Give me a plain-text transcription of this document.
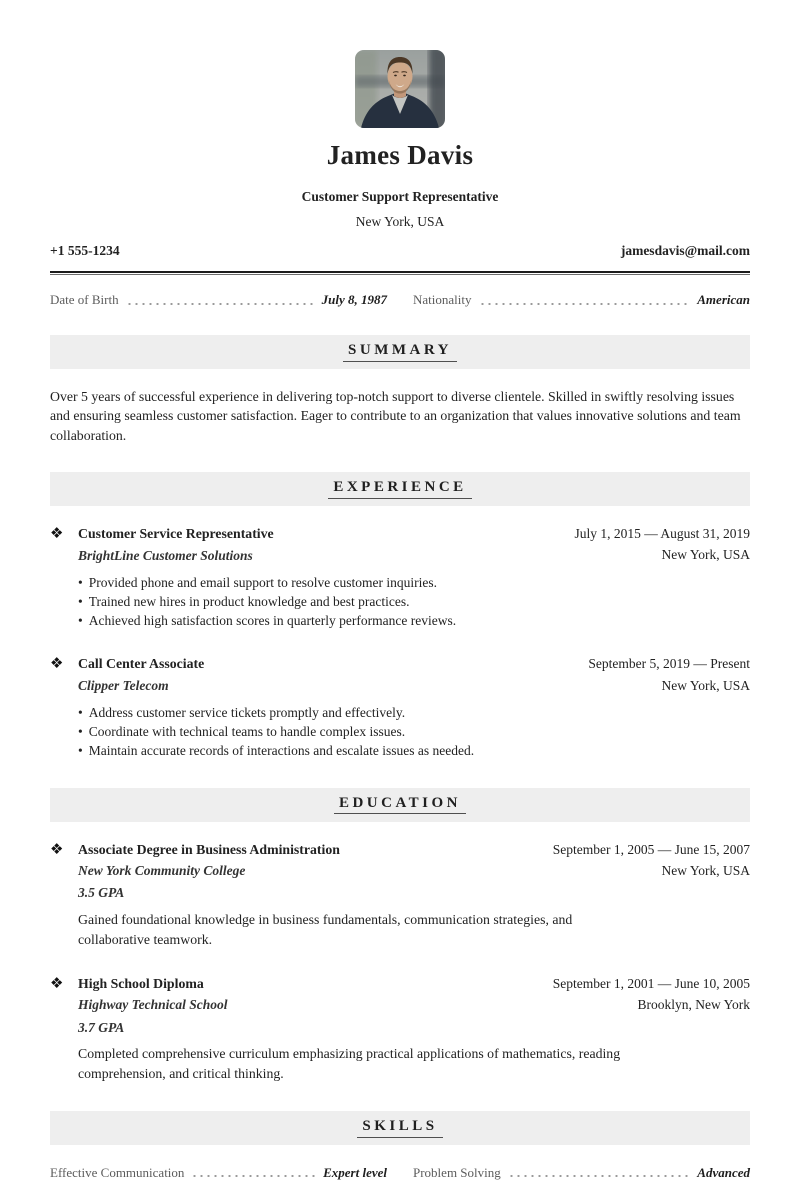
James Davis
Customer Support Representative
New York, USA
+1 555-1234	jamesdavis@mail.com
Date of Birth	July 8, 1987 Nationality	American
SUMMARY

Over 5 years of successful experience in delivering top-notch support to diverse clientele. Skilled in swiftly resolving issues and ensuring seamless customer satisfaction. Eager to contribute to an organization that values innovative solutions and team collaboration.

EXPERIENCE
❖	Customer Service Representative
BrightLine Customer Solutions
July 1, 2015 — August 31, 2019
New York, USA
• Provided phone and email support to resolve customer inquiries.
• Trained new hires in product knowledge and best practices.
• Achieved high satisfaction scores in quarterly performance reviews.
❖	Call Center Associate
Clipper Telecom
September 5, 2019 — Present
New York, USA
• Address customer service tickets promptly and effectively.
• Coordinate with technical teams to handle complex issues.
• Maintain accurate records of interactions and escalate issues as needed.
EDUCATION
❖	Associate Degree in Business Administration
New York Community College
3.5 GPA
September 1, 2005 — June 15, 2007
New York, USA

Gained foundational knowledge in business fundamentals, communication strategies, and collaborative teamwork.

❖	High School Diploma
Highway Technical School
3.7 GPA
September 1, 2001 — June 10, 2005
Brooklyn, New York

Completed comprehensive curriculum emphasizing practical applications of mathematics, reading comprehension, and critical thinking.

SKILLS
Effective Communication	Expert level Problem Solving	Advanced
